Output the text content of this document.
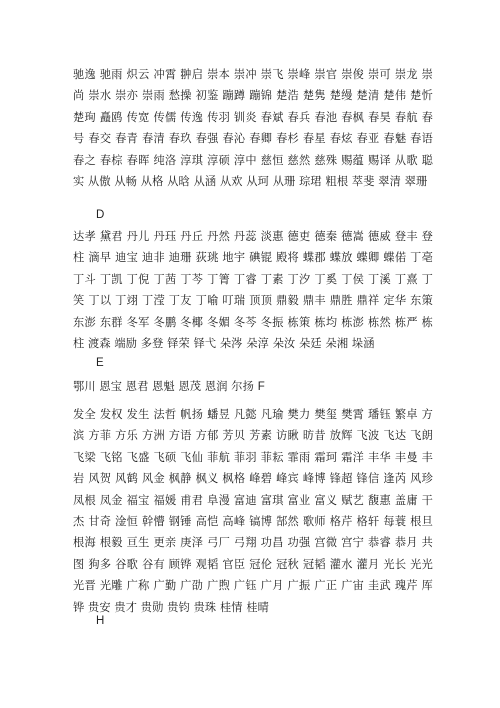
驰逸 驰雨 炽云 冲霄 翀启 崇本 崇冲 崇飞 崇峰 崇官 崇俊 崇可 崇龙 崇尚 崇水 崇亦 崇雨 愁操 初鉴 蹦蹲 蹦锦 楚浩 楚隽 楚缦 楚清 楚伟 楚忻 楚珣 矗鸥 传宽 传儒 传逸 传羽 钏炎 春斌 春兵 春池 春枫 春昊 春航 春号 春交 春青 春清 春玖 春强 春沁 春卿 春杉 春星 春炫 春亚 春魅 春语 春之 春棕 春晖 纯洛 淳琪 淳硕 淳中 慈恒 慈然 慈殊 赐蕴 赐译 从歌 聪实 从傲 从畅 从格 从晗 从涵 从欢 从珂 从珊 琮珺 粗根 萃斐 翠清 翠珊
D
达孝 黛君 丹儿 丹珏 丹丘 丹然 丹蕊 淡惠 德吏 德秦 德嵩 德威 登丰 登柱 滴早 迪宝 迪非 迪珊 荻珧 地宇 碘锟 殿将 蝶郡 蝶放 蝶卿 蝶偌 丁亳 丁斗 丁凯 丁倪 丁茜 丁芩 丁箐 丁睿 丁素 丁汐 丁奚 丁侯 丁溪 丁熹 丁笑 丁以 丁翊 丁滢 丁友 丁喻 叮瑞 顶顶 鼎毅 鼎丰 鼎胜 鼎祥 定华 东策 东澎 东群 冬军 冬鹏 冬椰 冬媚 冬芩 冬振 栋策 栋均 栋澎 栋然 栋严 栋柱 渡森 端励 多登 铎荣 铎弋 朵涔 朵淳 朵汝 朵廷 朵湘 垛涵
E
鄂川 恩宝 恩君 恩魁 恩茂 恩润 尔扬 F
发全 发权 发生 法哲 帆扬 蟠昱 凡懿 凡瑜 樊力 樊玺 樊霄 璠钰 繁卓 方滨 方菲 方乐 方洲 方语 方郁 芳贝 芳素 访瞅 昉昔 放辉 飞波 飞达 飞朗 飞梁 飞铭 飞盛 飞硕 飞仙 菲航 菲羽 菲耘 霏雨 霜珂 霜洋 丰华 丰曼 丰岩 风贺 风鹤 风金 枫静 枫义 枫格 峰碧 峰宾 峰博 锋超 锋信 逢芮 风珍 凤根 凤金 福宝 福媛 甫君 阜漫 富迪 富琪 富业 富义 赋艺 馥惠 盖庸 干杰 甘奇 淦恒 幹懵 钢锤 高恺 高峰 镐博 郜然 歌师 格芹 格轩 每蓑 根旦 根海 根毅 亘生 更亲 庚泽 弓厂 弓翔 功昌 功强 宫微 宫宁 恭睿 恭月 共图 狗多 谷歌 谷有 顾铧 观韬 官臣 冠伦 冠秋 冠韬 灌水 灌月 光长 光光 光晋 光雕 广称 广勤 广劭 广煦 广钰 广月 广振 广正 广宙 圭武 瑰芹 厍铧 贵安 贵才 贵勋 贵钧 贵珠 桂情 桂晴
H
